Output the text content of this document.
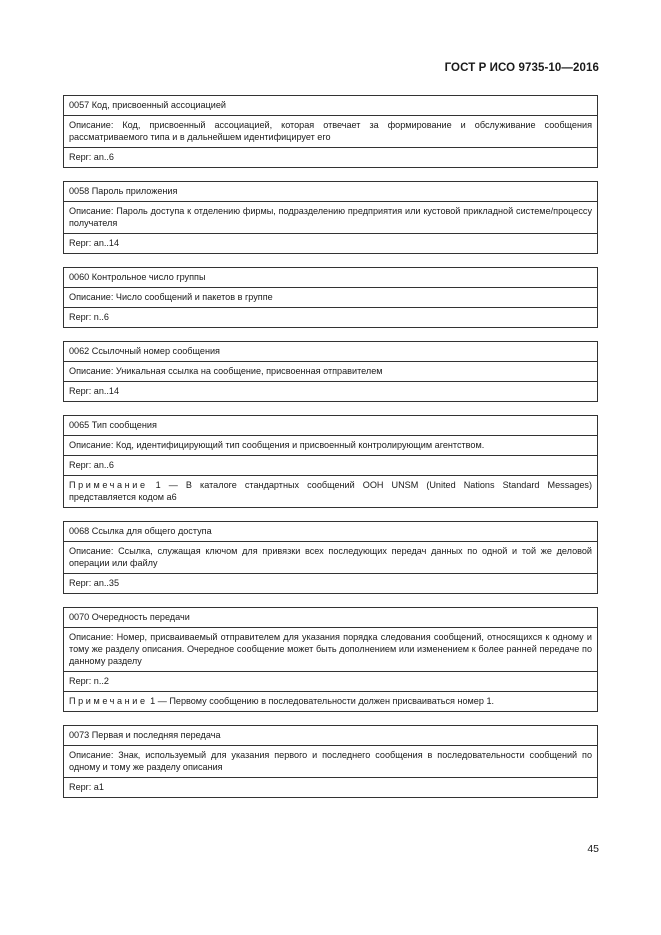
ГОСТ Р ИСО 9735-10—2016
0057 Код, присвоенный ассоциацией
Описание: Код, присвоенный ассоциацией, которая отвечает за формирование и обслуживание сообщения рассматриваемого типа и в дальнейшем идентифицирует его
Repr: an..6
0058 Пароль приложения
Описание: Пароль доступа к отделению фирмы, подразделению предприятия или кустовой прикладной системе/процессу получателя
Repr: an..14
0060 Контрольное число группы
Описание: Число сообщений и пакетов в группе
Repr: n..6
0062 Ссылочный номер сообщения
Описание: Уникальная ссылка на сообщение, присвоенная отправителем
Repr: an..14
0065 Тип сообщения
Описание: Код, идентифицирующий тип сообщения и присвоенный контролирующим агентством.
Repr: an..6
Примечание 1 — В каталоге стандартных сообщений ООН UNSM (United Nations Standard Messages) представляется кодом a6
0068 Ссылка для общего доступа
Описание: Ссылка, служащая ключом для привязки всех последующих передач данных по одной и той же деловой операции или файлу
Repr: an..35
0070 Очередность передачи
Описание: Номер, присваиваемый отправителем для указания порядка следования сообщений, относящихся к одному и тому же разделу описания. Очередное сообщение может быть дополнением или изменением к более ранней передаче по данному разделу
Repr: n..2
Примечание 1 — Первому сообщению в последовательности должен присваиваться номер 1.
0073 Первая и последняя передача
Описание: Знак, используемый для указания первого и последнего сообщения в последовательности сообщений по одному и тому же разделу описания
Repr: a1
45
